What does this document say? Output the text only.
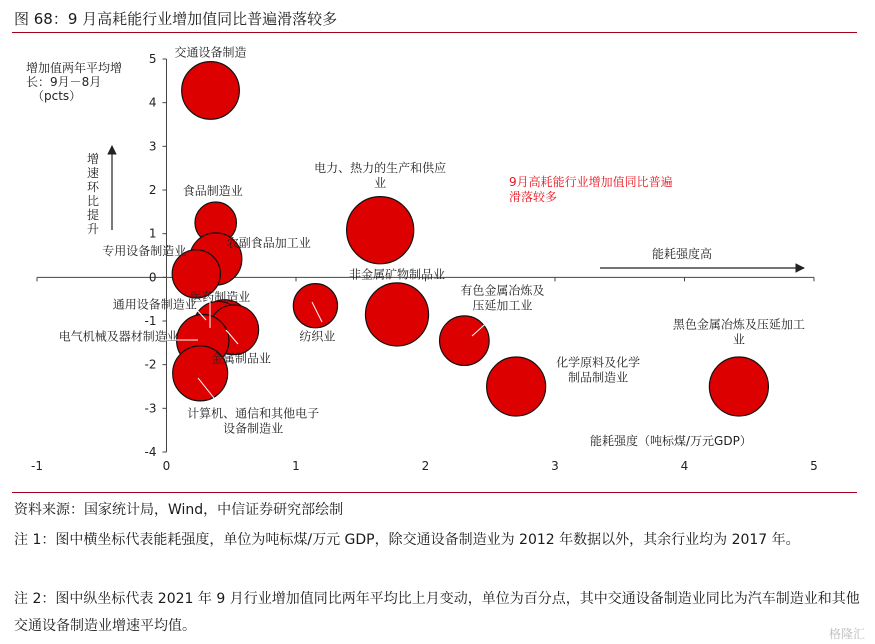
图 68：9 月高耗能行业增加值同比普遍滑落较多
5
4
3
2
1
0
-1
-2
-3
-4
-1	0	1	2	3	4	5
增加值两年平均增
长：9月－8月
（pcts）
能耗强度（吨标煤/万元GDP）
增
速
环
比
提
升
能耗强度高
9月高耗能行业增加值同比普遍
滑落较多
交通设备制造
食品制造业
农副食品加工业
专用设备制造业
电力、热力的生产和供应
业
非金属矿物制品业
通用设备制造业
医药制造业
金属制品业
电气机械及器材制造业
计算机、通信和其他电子
设备制造业
纺织业
有色金属冶炼及
压延加工业
化学原料及化学
制品制造业
黑色金属冶炼及压延加工
业
资料来源：国家统计局，Wind，中信证券研究部绘制
注 1：图中横坐标代表能耗强度，单位为吨标煤/万元 GDP，除交通设备制造业为 2012 年数据以外，其余行业均为 2017 年。
注 2：图中纵坐标代表 2021 年 9 月行业增加值同比两年平均比上月变动，单位为百分点，其中交通设备制造业同比为汽车制造业和其他交通设备制造业增速平均值。	格隆汇
